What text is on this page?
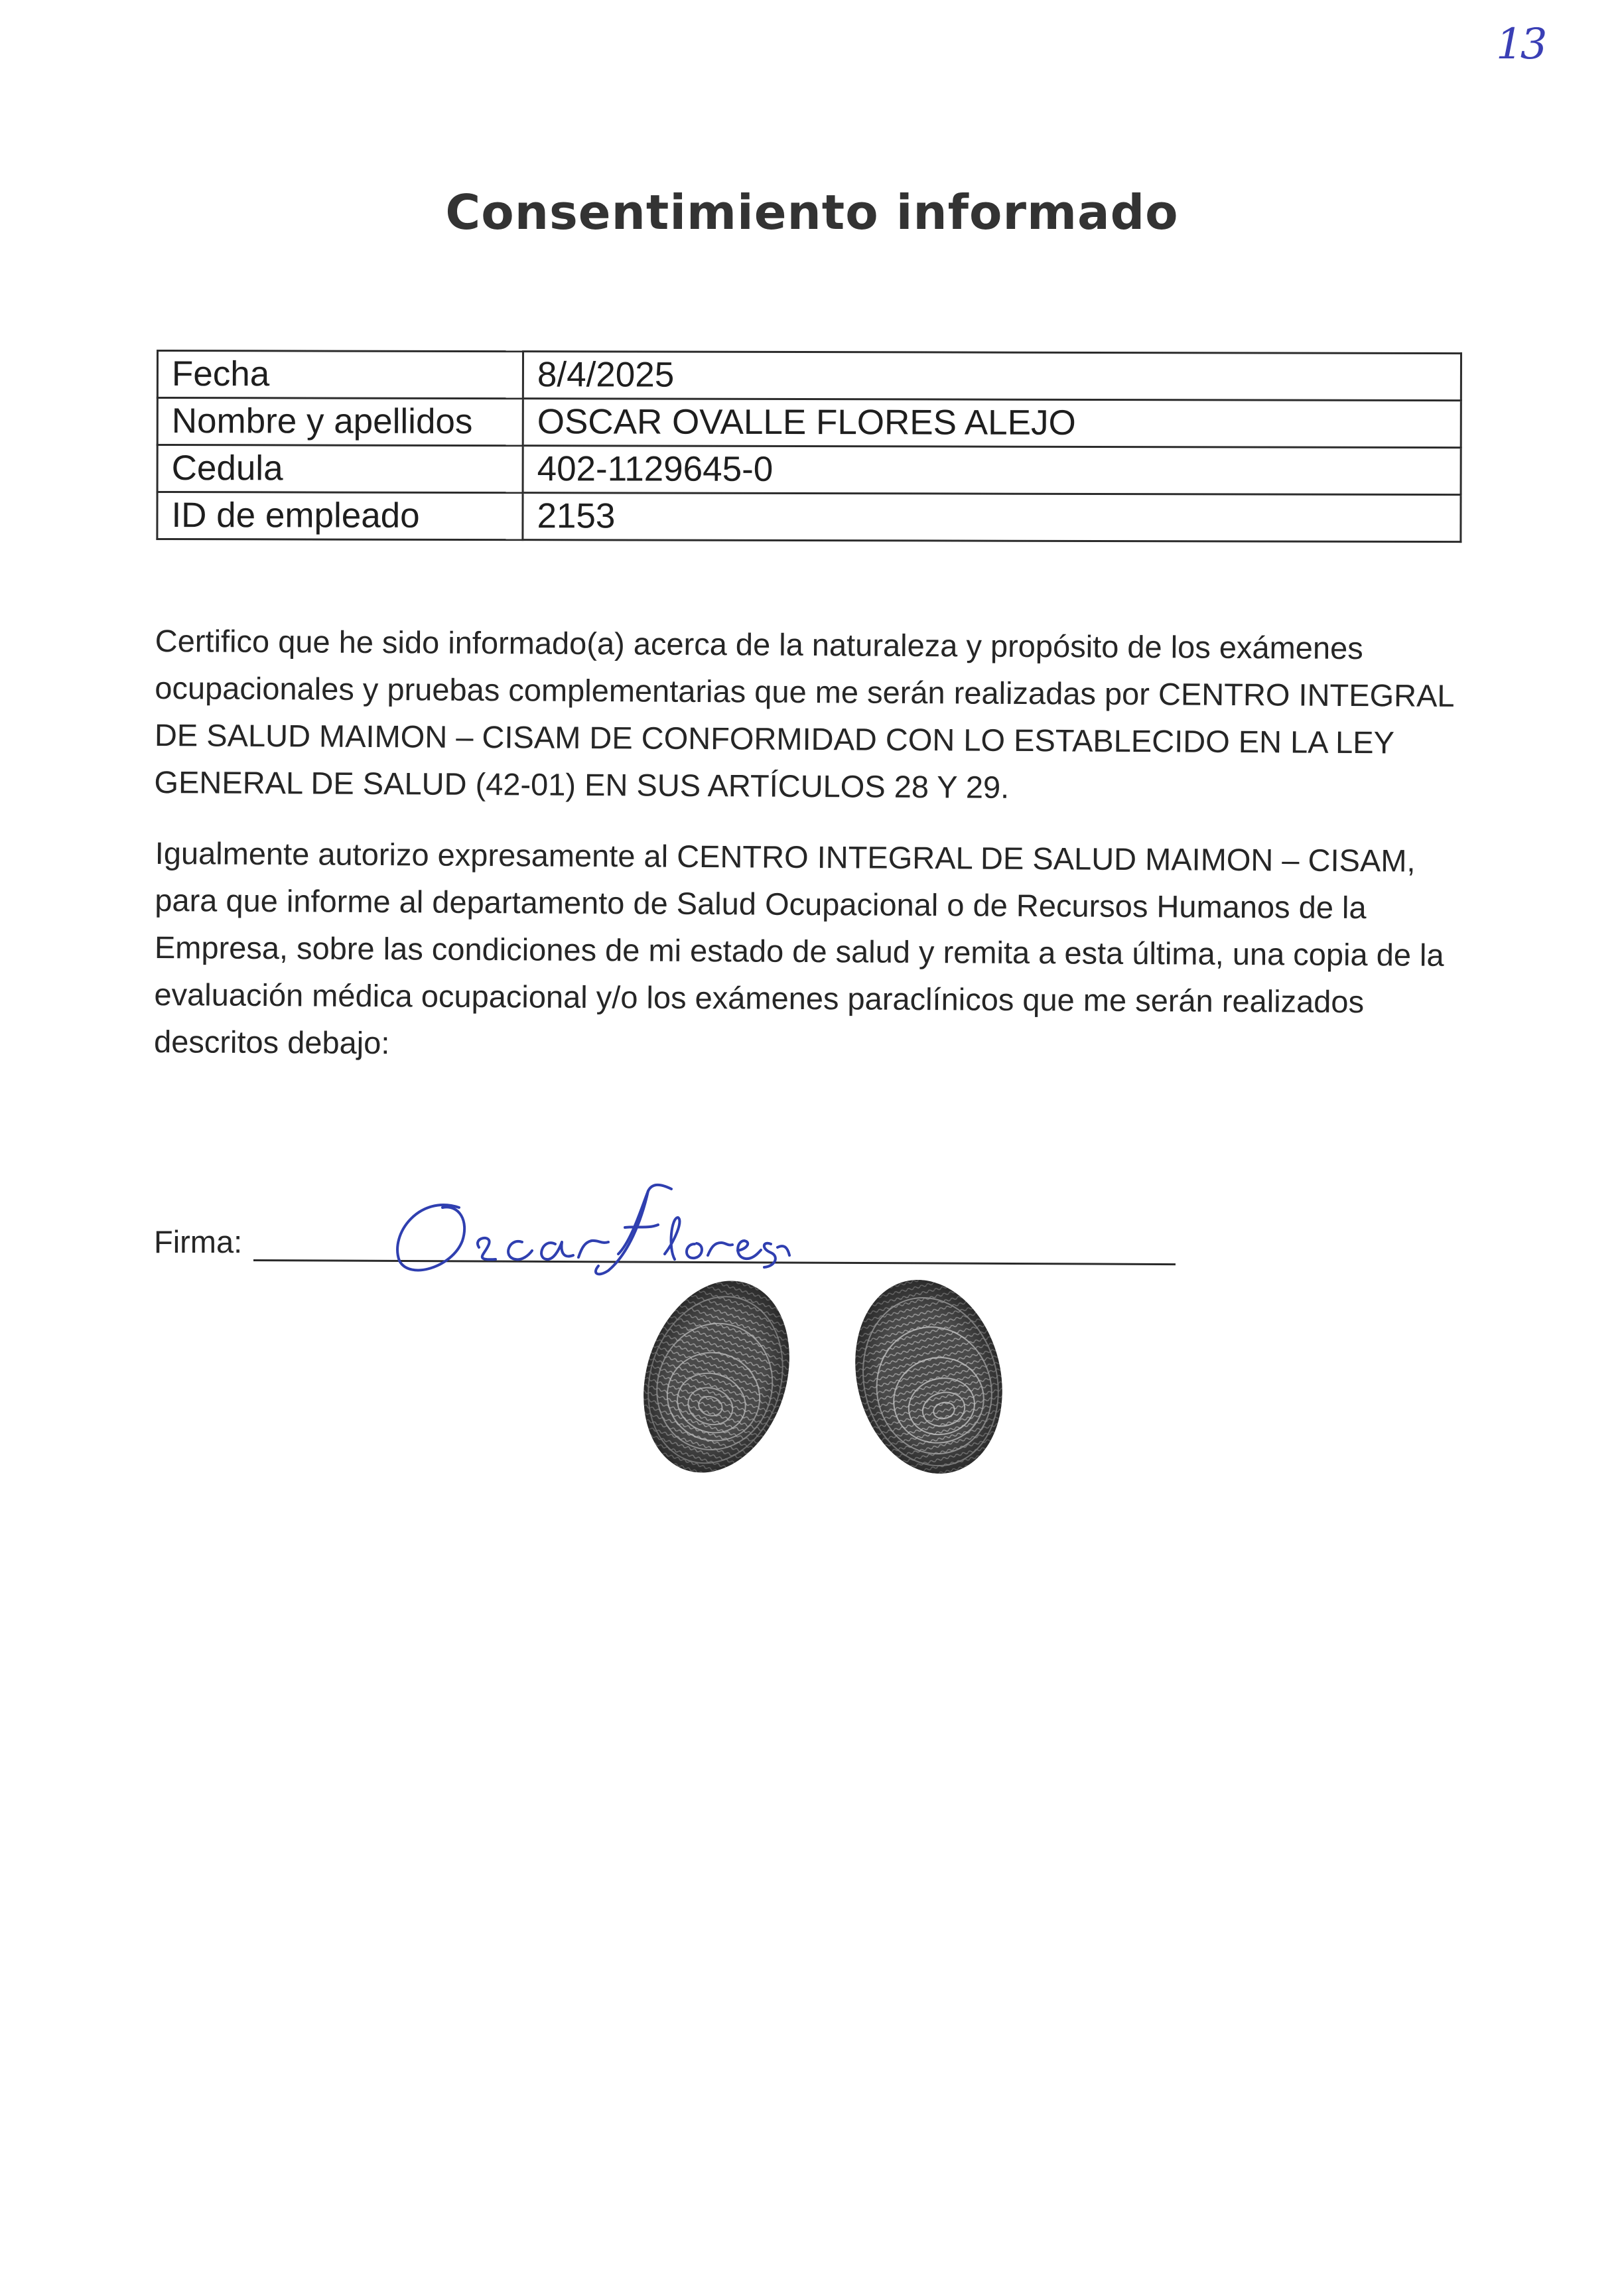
13
Consentimiento informado
Fecha	8/4/2025
Nombre y apellidos	OSCAR OVALLE FLORES ALEJO
Cedula	402-1129645-0
ID de empleado	2153

Certifico que he sido informado(a) acerca de la naturaleza y propósito de los exámenes ocupacionales y pruebas complementarias que me serán realizadas por CENTRO INTEGRAL DE SALUD MAIMON – CISAM DE CONFORMIDAD CON LO ESTABLECIDO EN LA LEY GENERAL DE SALUD (42-01) EN SUS ARTÍCULOS 28 Y 29.

Igualmente autorizo expresamente al CENTRO INTEGRAL DE SALUD MAIMON – CISAM, para que informe al departamento de Salud Ocupacional o de Recursos Humanos de la Empresa, sobre las condiciones de mi estado de salud y remita a esta última, una copia de la evaluación médica ocupacional y/o los exámenes paraclínicos que me serán realizados descritos debajo:

Firma:
